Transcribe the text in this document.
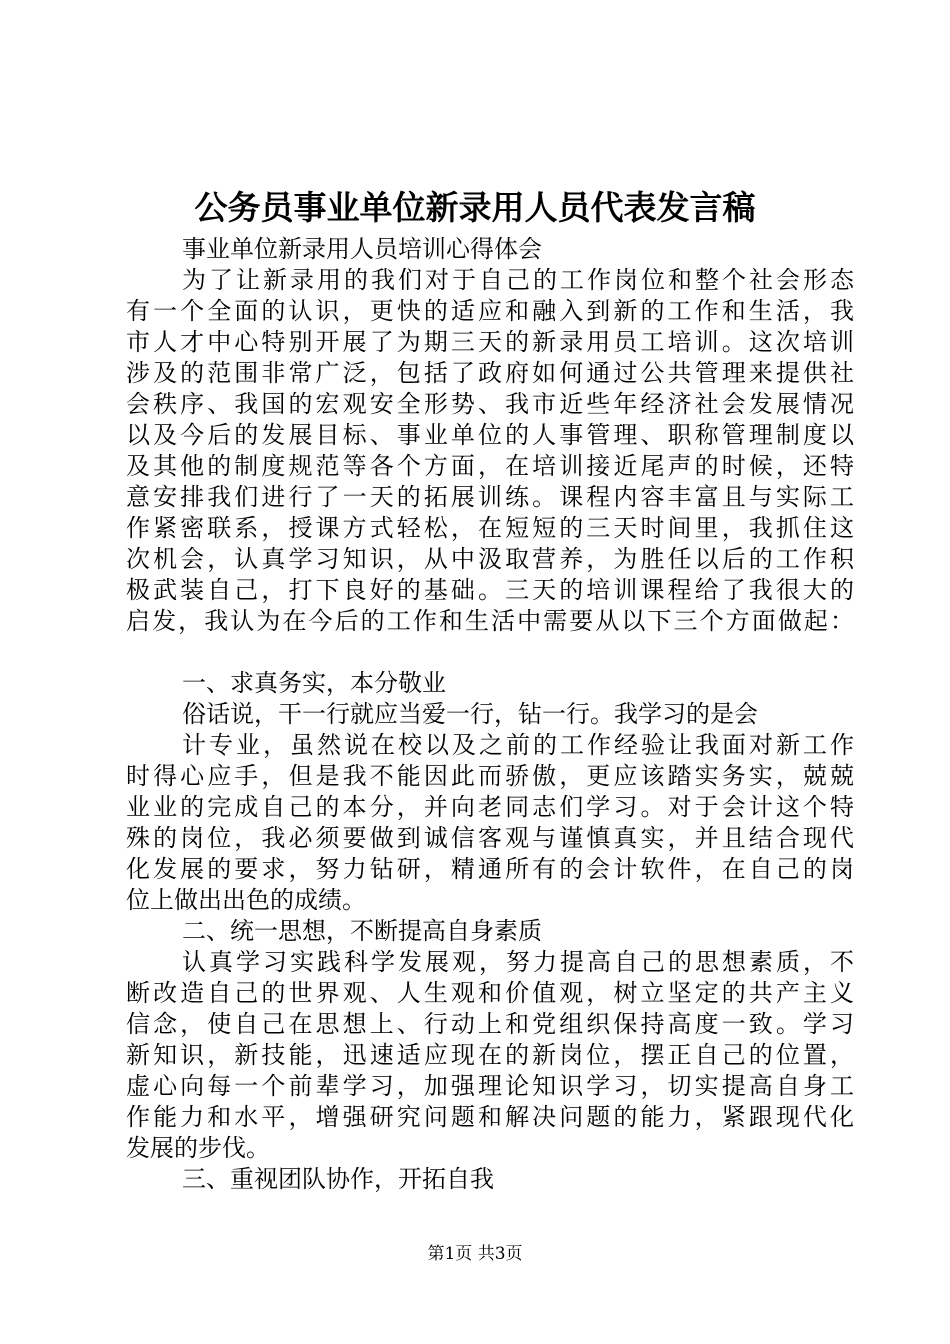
公务员事业单位新录用人员代表发言稿
事业单位新录用人员培训心得体会
为了让新录用的我们对于自己的工作岗位和整个社会形态
有一个全面的认识，更快的适应和融入到新的工作和生活，我
市人才中心特别开展了为期三天的新录用员工培训。这次培训
涉及的范围非常广泛，包括了政府如何通过公共管理来提供社
会秩序、我国的宏观安全形势、我市近些年经济社会发展情况
以及今后的发展目标、事业单位的人事管理、职称管理制度以
及其他的制度规范等各个方面，在培训接近尾声的时候，还特
意安排我们进行了一天的拓展训练。课程内容丰富且与实际工
作紧密联系，授课方式轻松，在短短的三天时间里，我抓住这
次机会，认真学习知识，从中汲取营养，为胜任以后的工作积
极武装自己，打下良好的基础。三天的培训课程给了我很大的
启发，我认为在今后的工作和生活中需要从以下三个方面做起：
一、求真务实，本分敬业
俗话说，干一行就应当爱一行，钻一行。我学习的是会
计专业，虽然说在校以及之前的工作经验让我面对新工作
时得心应手，但是我不能因此而骄傲，更应该踏实务实，兢兢
业业的完成自己的本分，并向老同志们学习。对于会计这个特
殊的岗位，我必须要做到诚信客观与谨慎真实，并且结合现代
化发展的要求，努力钻研，精通所有的会计软件，在自己的岗
位上做出出色的成绩。
二、统一思想，不断提高自身素质
认真学习实践科学发展观，努力提高自己的思想素质，不
断改造自己的世界观、人生观和价值观，树立坚定的共产主义
信念，使自己在思想上、行动上和党组织保持高度一致。学习
新知识，新技能，迅速适应现在的新岗位，摆正自己的位置，
虚心向每一个前辈学习，加强理论知识学习，切实提高自身工
作能力和水平，增强研究问题和解决问题的能力，紧跟现代化
发展的步伐。
三、重视团队协作，开拓自我
第1页 共3页
